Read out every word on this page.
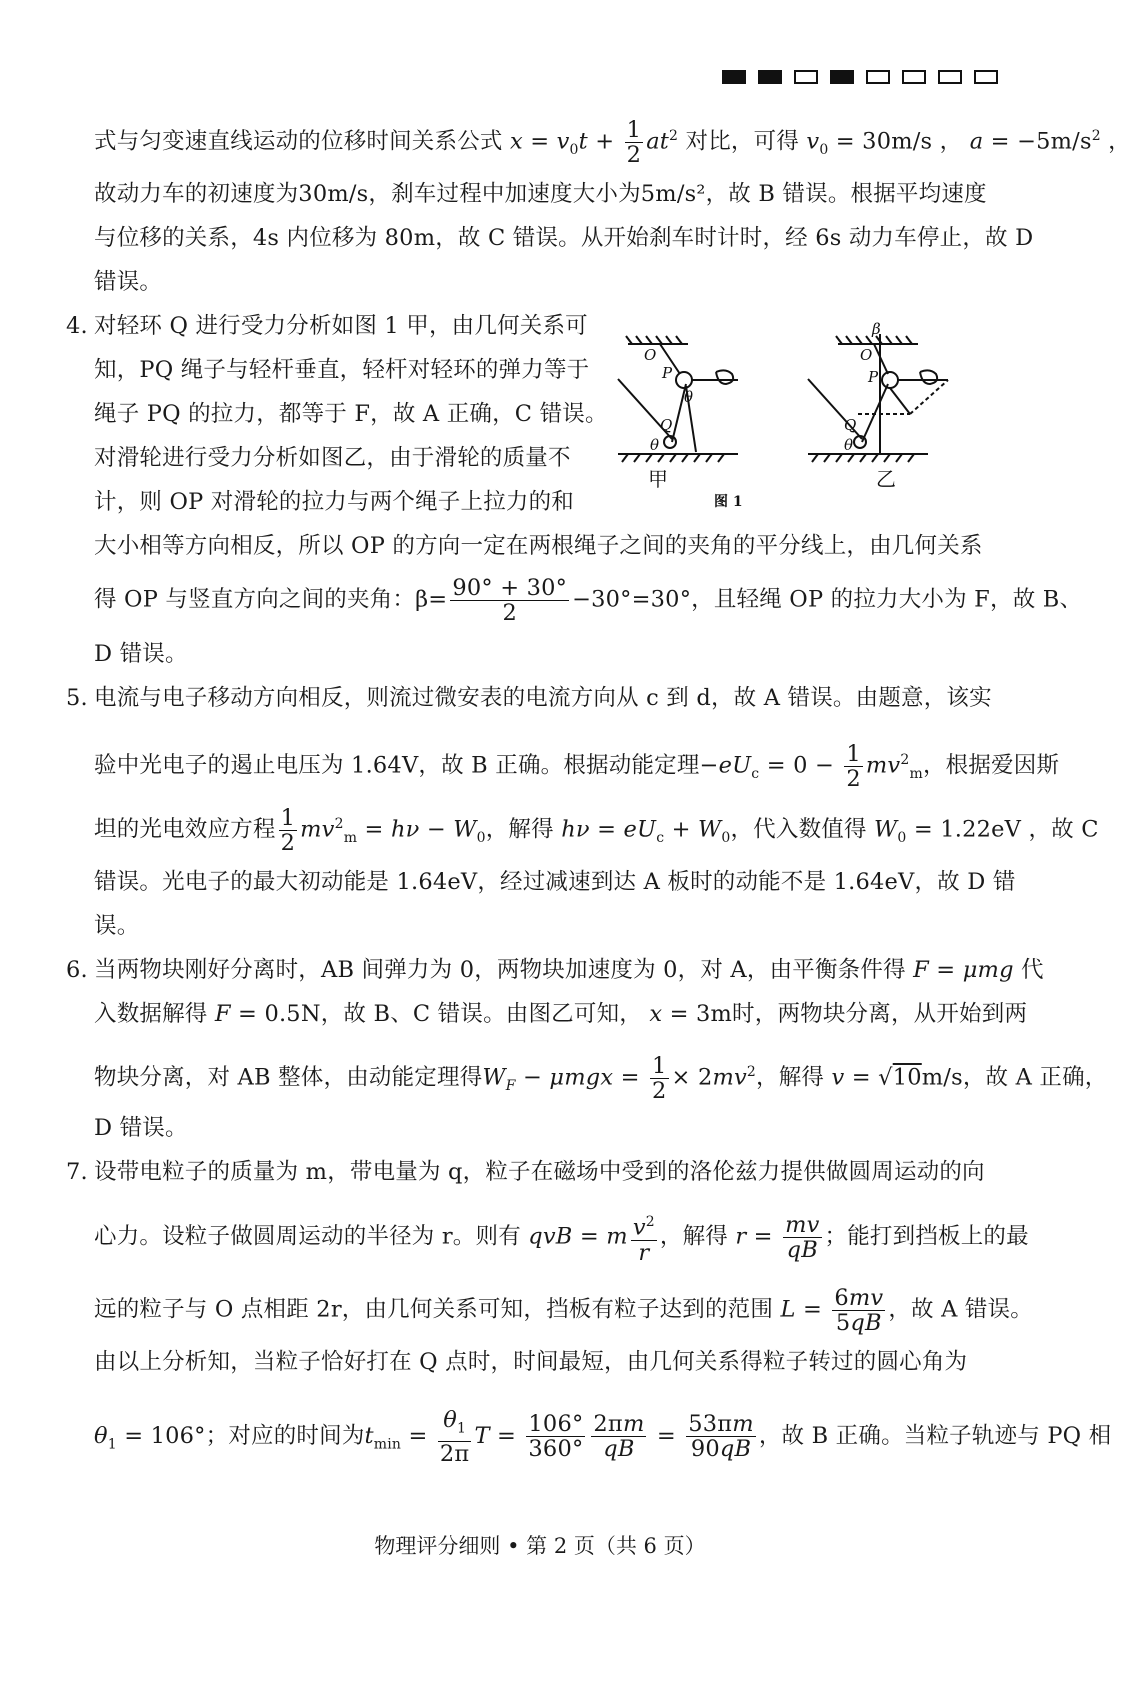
式与匀变速直线运动的位移时间关系公式 $x = v_0t + \frac{1}{2} at^2$ 对比，可得 $v_0 = 30m/s$ ， $a = -5m/s^2$ ，
故动力车的初速度为30m/s，刹车过程中加速度大小为5m/s²，故 B 错误。根据平均速度
与位移的关系，4s 内位移为 80m，故 C 错误。从开始刹车时计时，经 6s 动力车停止，故 D
错误。
4. 对轻环 Q 进行受力分析如图 1 甲，由几何关系可
知，PQ 绳子与轻杆垂直，轻杆对轻环的弹力等于
绳子 PQ 的拉力，都等于 F，故 A 正确，C 错误。
对滑轮进行受力分析如图乙，由于滑轮的质量不
计，则 OP 对滑轮的拉力与两个绳子上拉力的和
大小相等方向相反，所以 OP 的方向一定在两根绳子之间的夹角的平分线上，由几何关系
得 OP 与竖直方向之间的夹角：$\beta= \frac{90^\circ + 30^\circ}{2} -30^\circ=30^\circ$，且轻绳 OP 的拉力大小为 F，故 B、
D 错误。
5. 电流与电子移动方向相反，则流过微安表的电流方向从 c 到 d，故 A 错误。由题意，该实
验中光电子的遏止电压为 1.64V，故 B 正确。根据动能定理$-eU_c = 0 - \frac{1}{2} mv^2_m$，根据爱因斯
坦的光电效应方程 $\frac{1}{2} mv^2_m = h\nu - W_0$，解得 $h\nu = eU_c + W_0$，代入数值得 $W_0 = 1.22eV$ ，故 C
错误。光电子的最大初动能是 1.64eV，经过减速到达 A 板时的动能不是 1.64eV，故 D 错
误。
6. 当两物块刚好分离时，AB 间弹力为 0，两物块加速度为 0，对 A，由平衡条件得 F = μmg 代
入数据解得 F = 0.5N，故 B、C 错误。由图乙可知， x = 3m时，两物块分离，从开始到两
物块分离，对 AB 整体，由动能定理得$W_F - \mu mgx = \frac{1}{2} \times 2mv^2$，解得 v = √10m/s，故 A 正确，
D 错误。
7. 设带电粒子的质量为 m，带电量为 q，粒子在磁场中受到的洛伦兹力提供做圆周运动的向
心力。设粒子做圆周运动的半径为 r。则有 qvB = m $\frac{v^2}{r}$ ，解得 $r = \frac{mv}{qB}$ ；能打到挡板上的最
远的粒子与 O 点相距 2r，由几何关系可知，挡板有粒子达到的范围 $L = \frac{6mv}{5qB}$ ，故 A 错误。
由以上分析知，当粒子恰好打在 Q 点时，时间最短，由几何关系得粒子转过的圆心角为
$\theta_1 = 106^\circ$；对应的时间为$t_{min} = \frac{\theta_1}{2\pi}$ $T = \frac{106^\circ}{360^\circ} \frac{2\pi m}{qB} = \frac{53\pi m}{90qB}$ ，故 B 正确。当粒子轨迹与 PQ 相
O
P
Q
θ
θ
甲
图 1
β
O
P
Q
θ
乙
物理评分细则 • 第 2 页（共 6 页）
